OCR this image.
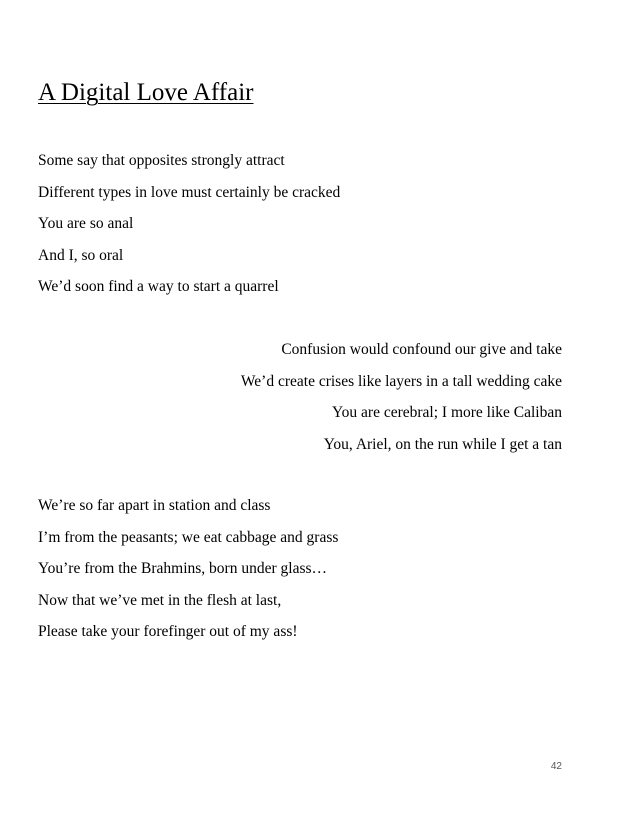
A Digital Love Affair
Some say that opposites strongly attract
Different types in love must certainly be cracked
You are so anal
And I, so oral
We’d soon find a way to start a quarrel
Confusion would confound our give and take
We’d create crises like layers in a tall wedding cake
You are cerebral; I more like Caliban
You, Ariel, on the run while I get a tan
We’re so far apart in station and class
I’m from the peasants; we eat cabbage and grass
You’re from the Brahmins, born under glass…
Now that we’ve met in the flesh at last,
Please take your forefinger out of my ass!
42
